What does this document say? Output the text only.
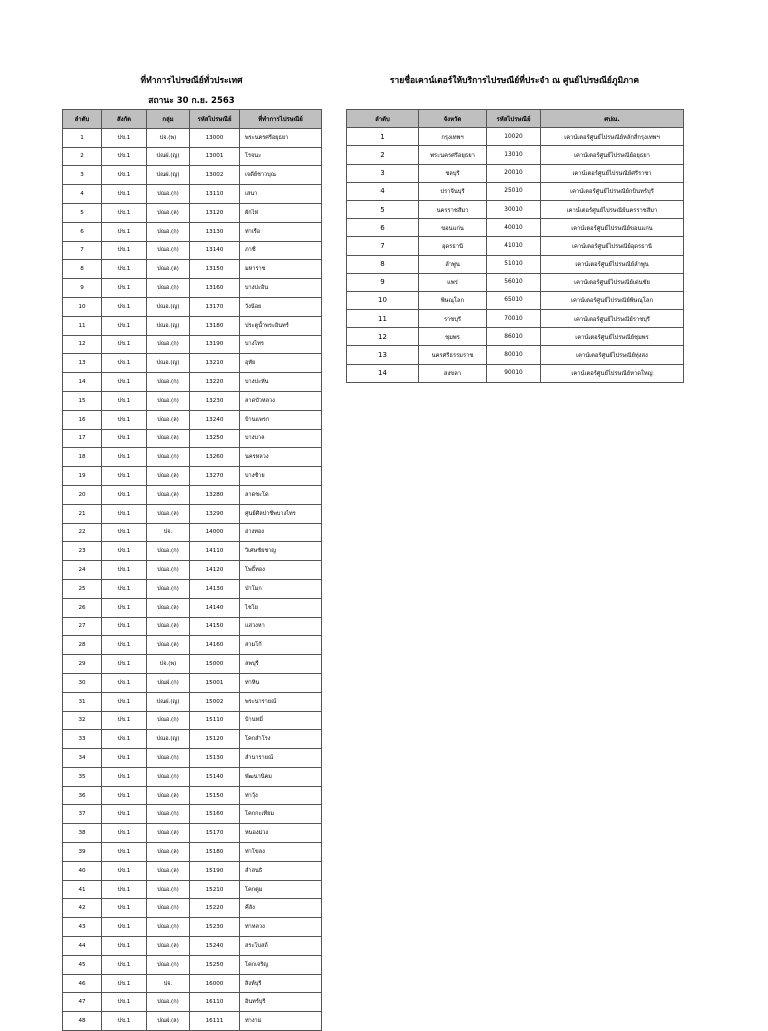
ที่ทำการไปรษณีย์ทั่วประเทศ
สถานะ 30 ก.ย. 2563
ลำดับ	สังกัด	กลุ่ม	รหัสไปรษณีย์	ที่ทำการไปรษณีย์
1	ปข.1	ปจ.(พ)	13000	พระนครศรีอยุธยา
2	ปข.1	ปณฝ.(ญ)	13001	โรจนะ
3	ปข.1	ปณฝ.(ญ)	13002	เจดีย์ชาวบุณ
4	ปข.1	ปณอ.(ก)	13110	เสนา
5	ปข.1	ปณอ.(ล)	13120	ผักไห่
6	ปข.1	ปณอ.(ก)	13130	ท่าเรือ
7	ปข.1	ปณอ.(ก)	13140	ภาชี
8	ปข.1	ปณอ.(ล)	13150	มหาราช
9	ปข.1	ปณอ.(ก)	13160	บางปะอิน
10	ปข.1	ปณอ.(ญ)	13170	วังน้อย
11	ปข.1	ปณอ.(ญ)	13180	ประตูน้ำพระอินทร์
12	ปข.1	ปณอ.(ก)	13190	บางไทร
13	ปข.1	ปณอ.(ญ)	13210	อุทัย
14	ปข.1	ปณอ.(ก)	13220	บางปะหัน
15	ปข.1	ปณอ.(ก)	13230	ลาดบัวหลวง
16	ปข.1	ปณอ.(ล)	13240	บ้านแพรก
17	ปข.1	ปณอ.(ล)	13250	บางบาล
18	ปข.1	ปณอ.(ก)	13260	นครหลวง
19	ปข.1	ปณอ.(ล)	13270	บางซ้าย
20	ปข.1	ปณอ.(ล)	13280	ลาดชะโด
21	ปข.1	ปณอ.(ล)	13290	ศูนย์ศิลปาชีพบางไทร
22	ปข.1	ปจ.	14000	อ่างทอง
23	ปข.1	ปณอ.(ก)	14110	วิเศษชัยชาญ
24	ปข.1	ปณอ.(ก)	14120	โพธิ์ทอง
25	ปข.1	ปณอ.(ก)	14130	ป่าโมก
26	ปข.1	ปณอ.(ล)	14140	ไชโย
27	ปข.1	ปณอ.(ล)	14150	แสวงหา
28	ปข.1	ปณอ.(ล)	14160	สามโก้
29	ปข.1	ปจ.(พ)	15000	ลพบุรี
30	ปข.1	ปณฝ.(ก)	15001	ท่าหิน
31	ปข.1	ปณฝ.(ญ)	15002	พระนารายณ์
32	ปข.1	ปณอ.(ก)	15110	บ้านหมี่
33	ปข.1	ปณอ.(ญ)	15120	โคกสำโรง
34	ปข.1	ปณอ.(ก)	15130	ลำนารายณ์
35	ปข.1	ปณอ.(ก)	15140	พัฒนานิคม
36	ปข.1	ปณอ.(ล)	15150	ท่าวุ้ง
37	ปข.1	ปณอ.(ก)	15160	โคกกะเทียม
38	ปข.1	ปณอ.(ล)	15170	หนองม่วง
39	ปข.1	ปณอ.(ล)	15180	ท่าโขลง
40	ปข.1	ปณอ.(ล)	15190	ลำสนธิ
41	ปข.1	ปณอ.(ก)	15210	โคกตูม
42	ปข.1	ปณอ.(ก)	15220	คึลัง
43	ปข.1	ปณอ.(ก)	15230	ท่าหลวง
44	ปข.1	ปณอ.(ล)	15240	สระโบสถ์
45	ปข.1	ปณอ.(ก)	15250	โคกเจริญ
46	ปข.1	ปจ.	16000	สิงห์บุรี
47	ปข.1	ปณอ.(ก)	16110	อินทร์บุรี
48	ปข.1	ปณฝ.(ล)	16111	ท่างาม
รายชื่อเคาน์เตอร์ให้บริการไปรษณีย์ที่ประจำ ณ ศูนย์ไปรษณีย์ภูมิภาค
ลำดับ	จังหวัด	รหัสไปรษณีย์	ศปณ.
1	กรุงเทพฯ	10020	เคาน์เตอร์ศูนย์ไปรษณีย์หลักสี่กรุงเทพฯ
2	พระนครศรีอยุธยา	13010	เคาน์เตอร์ศูนย์ไปรษณีย์อยุธยา
3	ชลบุรี	20010	เคาน์เตอร์ศูนย์ไปรษณีย์ศรีราชา
4	ปราจีนบุรี	25010	เคาน์เตอร์ศูนย์ไปรษณีย์กบินทร์บุรี
5	นครราชสีมา	30010	เคาน์เตอร์ศูนย์ไปรษณีย์นครราชสีมา
6	ขอนแก่น	40010	เคาน์เตอร์ศูนย์ไปรษณีย์ขอนแก่น
7	อุดรธานี	41010	เคาน์เตอร์ศูนย์ไปรษณีย์อุดรธานี
8	ลำพูน	51010	เคาน์เตอร์ศูนย์ไปรษณีย์ลำพูน
9	แพร่	56010	เคาน์เตอร์ศูนย์ไปรษณีย์เด่นชัย
10	พิษณุโลก	65010	เคาน์เตอร์ศูนย์ไปรษณีย์พิษณุโลก
11	ราชบุรี	70010	เคาน์เตอร์ศูนย์ไปรษณีย์ราชบุรี
12	ชุมพร	86010	เคาน์เตอร์ศูนย์ไปรษณีย์ชุมพร
13	นครศรีธรรมราช	80010	เคาน์เตอร์ศูนย์ไปรษณีย์ทุ่งสง
14	สงขลา	90010	เคาน์เตอร์ศูนย์ไปรษณีย์หาดใหญ่
